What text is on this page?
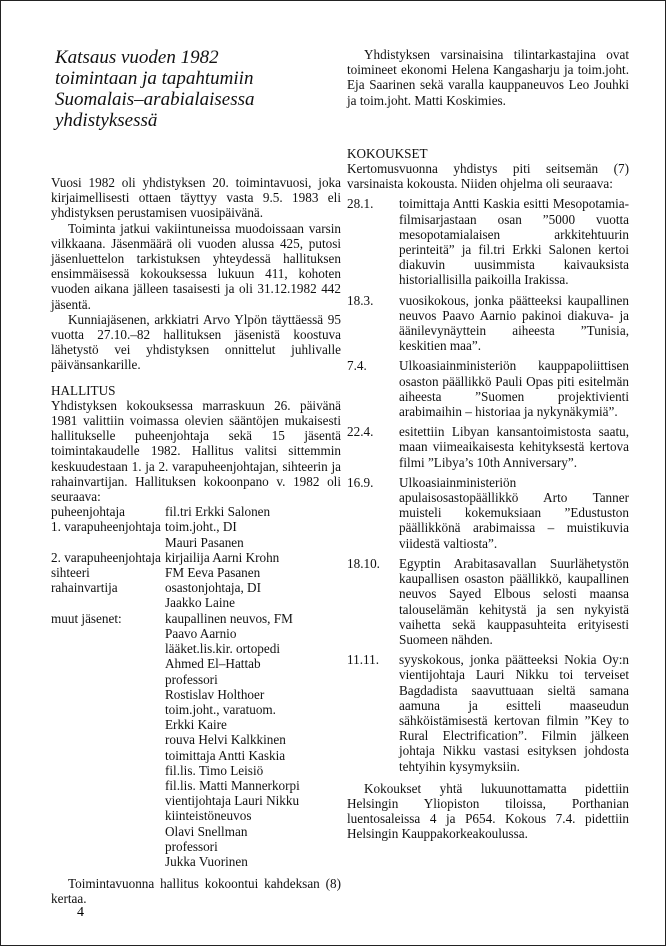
Katsaus vuoden 1982
toimintaan ja tapahtumiin
Suomalais–arabialaisessa
yhdistyksessä

Vuosi 1982 oli yhdistyksen 20. toimintavuosi, joka kirjaimellisesti ottaen täyttyy vasta 9.5. 1983 eli yhdistyksen perustamisen vuosipäivänä.

Toiminta jatkui vakiintuneissa muodoissaan varsin vilkkaana. Jäsenmäärä oli vuoden alussa 425, putosi jäsenluettelon tarkistuksen yhteydessä hallituksen ensimmäisessä kokouksessa lukuun 411, kohoten vuoden aikana jälleen tasaisesti ja oli 31.12.1982 442 jäsentä.

Kunniajäsenen, arkkiatri Arvo Ylpön täyttäessä 95 vuotta 27.10.–82 hallituksen jäsenistä koostuva lähetystö vei yhdistyksen onnittelut juhlivalle päivänsankarille.

HALLITUS

Yhdistyksen kokouksessa marraskuun 26. päivänä 1981 valittiin voimassa olevien sääntöjen mukaisesti hallitukselle puheenjohtaja sekä 15 jäsentä toimintakaudelle 1982. Hallitus valitsi sittemmin keskuudestaan 1. ja 2. varapuheenjohtajan, sihteerin ja rahainvartijan. Hallituksen kokoonpano v. 1982 oli seuraava:

puheenjohtaja	fil.tri Erkki Salonen
1. varapuheenjohtaja toim.joht., DI
Mauri Pasanen
2. varapuheenjohtaja kirjailija Aarni Krohn
sihteeri	FM Eeva Pasanen
rahainvartija	osastonjohtaja, DI
Jaakko Laine
muut jäsenet:	kaupallinen neuvos, FM
Paavo Aarnio
lääket.lis.kir. ortopedi
Ahmed El–Hattab
professori
Rostislav Holthoer
toim.joht., varatuom.
Erkki Kaire
rouva Helvi Kalkkinen
toimittaja Antti Kaskia
fil.lis. Timo Leisiö
fil.lis. Matti Mannerkorpi
vientijohtaja Lauri Nikku
kiinteistöneuvos
Olavi Snellman
professori
Jukka Vuorinen

Toimintavuonna hallitus kokoontui kahdeksan (8) kertaa.

Yhdistyksen varsinaisina tilintarkastajina ovat toimineet ekonomi Helena Kangasharju ja toim.joht. Eja Saarinen sekä varalla kauppaneuvos Leo Jouhki ja toim.joht. Matti Koskimies.

KOKOUKSET

Kertomusvuonna yhdistys piti seitsemän (7) varsinaista kokousta. Niiden ohjelma oli seuraava:

28.1.	toimittaja Antti Kaskia esitti Mesopotamia-filmisarjastaan osan ”5000 vuotta mesopotamialaisen arkkitehtuurin perinteitä” ja fil.tri Erkki Salonen kertoi diakuvin uusimmista kaivauksista historiallisilla paikoilla Irakissa.
18.3.	vuosikokous, jonka päätteeksi kaupallinen neuvos Paavo Aarnio pakinoi diakuva- ja äänilevynäyttein aiheesta ”Tunisia, keskitien maa”.
7.4.	Ulkoasiainministeriön kauppapoliittisen osaston päällikkö Pauli Opas piti esitelmän aiheesta ”Suomen projektivienti arabimaihin – historiaa ja nykynäkymiä”.
22.4.	esitettiin Libyan kansantoimistosta saatu, maan viimeaikaisesta kehityksestä kertova filmi ”Libya’s 10th Anniversary”.
16.9.	Ulkoasiainministeriön apulaisosastopäällikkö Arto Tanner muisteli kokemuksiaan ”Edustuston päällikkönä arabimaissa – muistikuvia viidestä valtiosta”.
18.10.	Egyptin Arabitasavallan Suurlähetystön kaupallisen osaston päällikkö, kaupallinen neuvos Sayed Elbous selosti maansa talouselämän kehitystä ja sen nykyistä vaihetta sekä kauppasuhteita erityisesti Suomeen nähden.
11.11.	syyskokous, jonka päätteeksi Nokia Oy:n vientijohtaja Lauri Nikku toi terveiset Bagdadista saavuttuaan sieltä samana aamuna ja esitteli maaseudun sähköistämisestä kertovan filmin ”Key to Rural Electrification”. Filmin jälkeen johtaja Nikku vastasi esityksen johdosta tehtyihin kysymyksiin.

Kokoukset yhtä lukuunottamatta pidettiin Helsingin Yliopiston tiloissa, Porthanian luentosaleissa 4 ja P654. Kokous 7.4. pidettiin Helsingin Kauppakorkeakoulussa.

4
